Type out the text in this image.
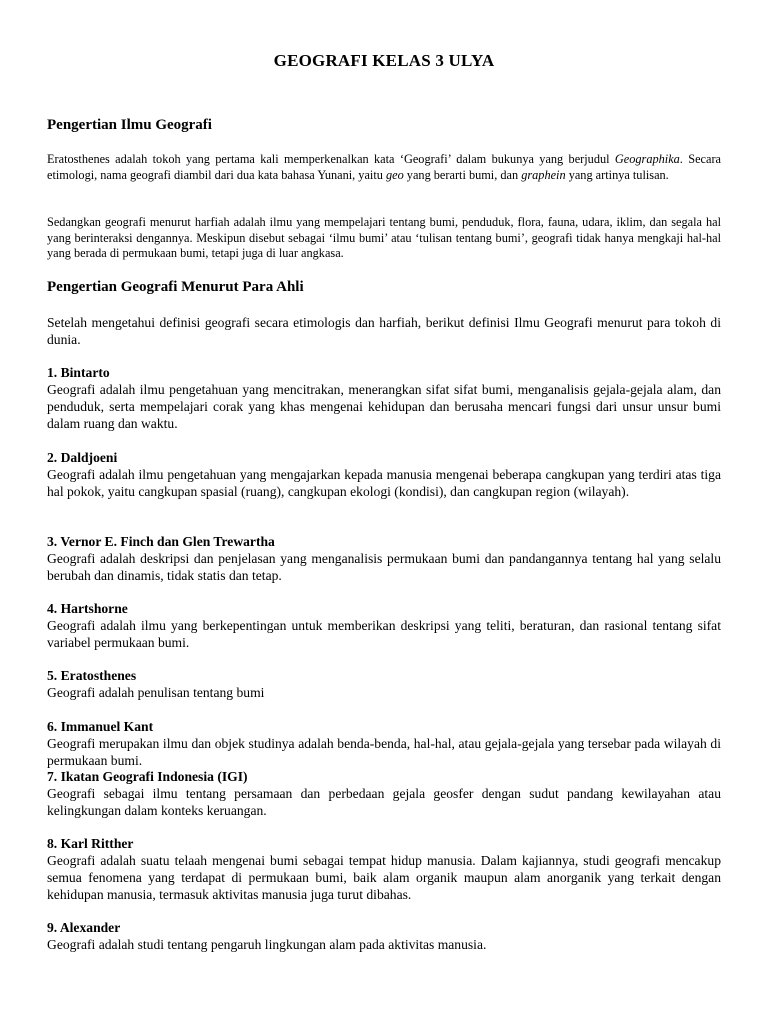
GEOGRAFI KELAS 3 ULYA
Pengertian Ilmu Geografi

Eratosthenes adalah tokoh yang pertama kali memperkenalkan kata ‘Geografi’ dalam bukunya yang berjudul Geographika. Secara etimologi, nama geografi diambil dari dua kata bahasa Yunani, yaitu geo yang berarti bumi, dan graphein yang artinya tulisan.

Sedangkan geografi menurut harfiah adalah ilmu yang mempelajari tentang bumi, penduduk, flora, fauna, udara, iklim, dan segala hal yang berinteraksi dengannya. Meskipun disebut sebagai ‘ilmu bumi’ atau ‘tulisan tentang bumi’, geografi tidak hanya mengkaji hal-hal yang berada di permukaan bumi, tetapi juga di luar angkasa.

Pengertian Geografi Menurut Para Ahli

Setelah mengetahui definisi geografi secara etimologis dan harfiah, berikut definisi Ilmu Geografi menurut para tokoh di dunia.

1. Bintarto

Geografi adalah ilmu pengetahuan yang mencitrakan, menerangkan sifat sifat bumi, menganalisis gejala-gejala alam, dan penduduk, serta mempelajari corak yang khas mengenai kehidupan dan berusaha mencari fungsi dari unsur unsur bumi dalam ruang dan waktu.

2. Daldjoeni

Geografi adalah ilmu pengetahuan yang mengajarkan kepada manusia mengenai beberapa cangkupan yang terdiri atas tiga hal pokok, yaitu cangkupan spasial (ruang), cangkupan ekologi (kondisi), dan cangkupan region (wilayah).

3. Vernor E. Finch dan Glen Trewartha

Geografi adalah deskripsi dan penjelasan yang menganalisis permukaan bumi dan pandangannya tentang hal yang selalu berubah dan dinamis, tidak statis dan tetap.

4. Hartshorne

Geografi adalah ilmu yang berkepentingan untuk memberikan deskripsi yang teliti, beraturan, dan rasional tentang sifat variabel permukaan bumi.

5. Eratosthenes

Geografi adalah penulisan tentang bumi

6. Immanuel Kant

Geografi merupakan ilmu dan objek studinya adalah benda-benda, hal-hal, atau gejala-gejala yang tersebar pada wilayah di permukaan bumi.

7. Ikatan Geografi Indonesia (IGI)

Geografi sebagai ilmu tentang persamaan dan perbedaan gejala geosfer dengan sudut pandang kewilayahan atau kelingkungan dalam konteks keruangan.

8. Karl Ritther

Geografi adalah suatu telaah mengenai bumi sebagai tempat hidup manusia. Dalam kajiannya, studi geografi mencakup semua fenomena yang terdapat di permukaan bumi, baik alam organik maupun alam anorganik yang terkait dengan kehidupan manusia, termasuk aktivitas manusia juga turut dibahas.

9. Alexander

Geografi adalah studi tentang pengaruh lingkungan alam pada aktivitas manusia.
